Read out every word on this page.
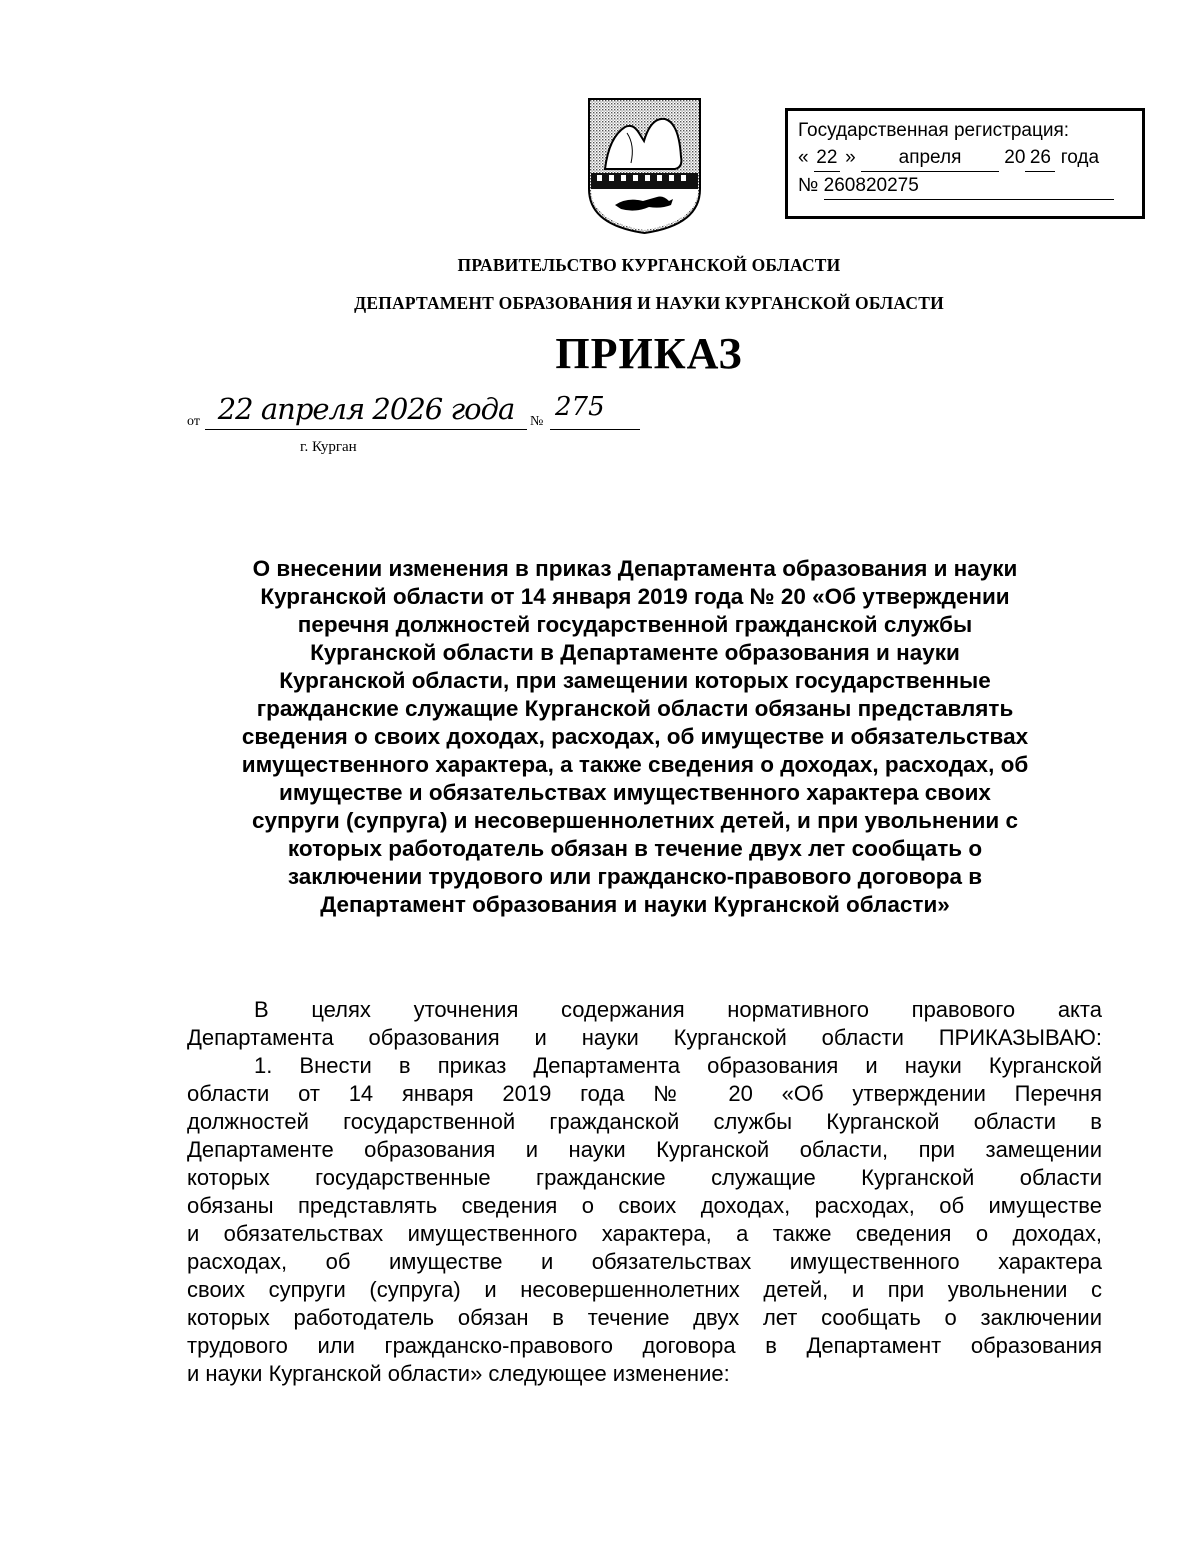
Государственная регистрация:
« 22 » апреля 20 26 года
№ 260820275
ПРАВИТЕЛЬСТВО КУРГАНСКОЙ ОБЛАСТИ
ДЕПАРТАМЕНТ ОБРАЗОВАНИЯ И НАУКИ КУРГАНСКОЙ ОБЛАСТИ
ПРИКАЗ
от 22 апреля 2026 года	№ 275
г. Курган
О внесении изменения в приказ Департамента образования и науки
Курганской области от 14 января 2019 года № 20 «Об утверждении
перечня должностей государственной гражданской службы
Курганской области в Департаменте образования и науки
Курганской области, при замещении которых государственные
гражданские служащие Курганской области обязаны представлять
сведения о своих доходах, расходах, об имуществе и обязательствах
имущественного характера, а также сведения о доходах, расходах, об
имуществе и обязательствах имущественного характера своих
супруги (супруга) и несовершеннолетних детей, и при увольнении с
которых работодатель обязан в течение двух лет сообщать о
заключении трудового или гражданско-правового договора в
Департамент образования и науки Курганской области»
В целях уточнения содержания нормативного правового акта
Департамента образования и науки Курганской области ПРИКАЗЫВАЮ:
1. Внести в приказ Департамента образования и науки Курганской
области от 14 января 2019 года № 20 «Об утверждении Перечня
должностей государственной гражданской службы Курганской области в
Департаменте образования и науки Курганской области, при замещении
которых государственные гражданские служащие Курганской области
обязаны представлять сведения о своих доходах, расходах, об имуществе
и обязательствах имущественного характера, а также сведения о доходах,
расходах, об имуществе и обязательствах имущественного характера
своих супруги (супруга) и несовершеннолетних детей, и при увольнении с
которых работодатель обязан в течение двух лет сообщать о заключении
трудового или гражданско-правового договора в Департамент образования
и науки Курганской области» следующее изменение:
